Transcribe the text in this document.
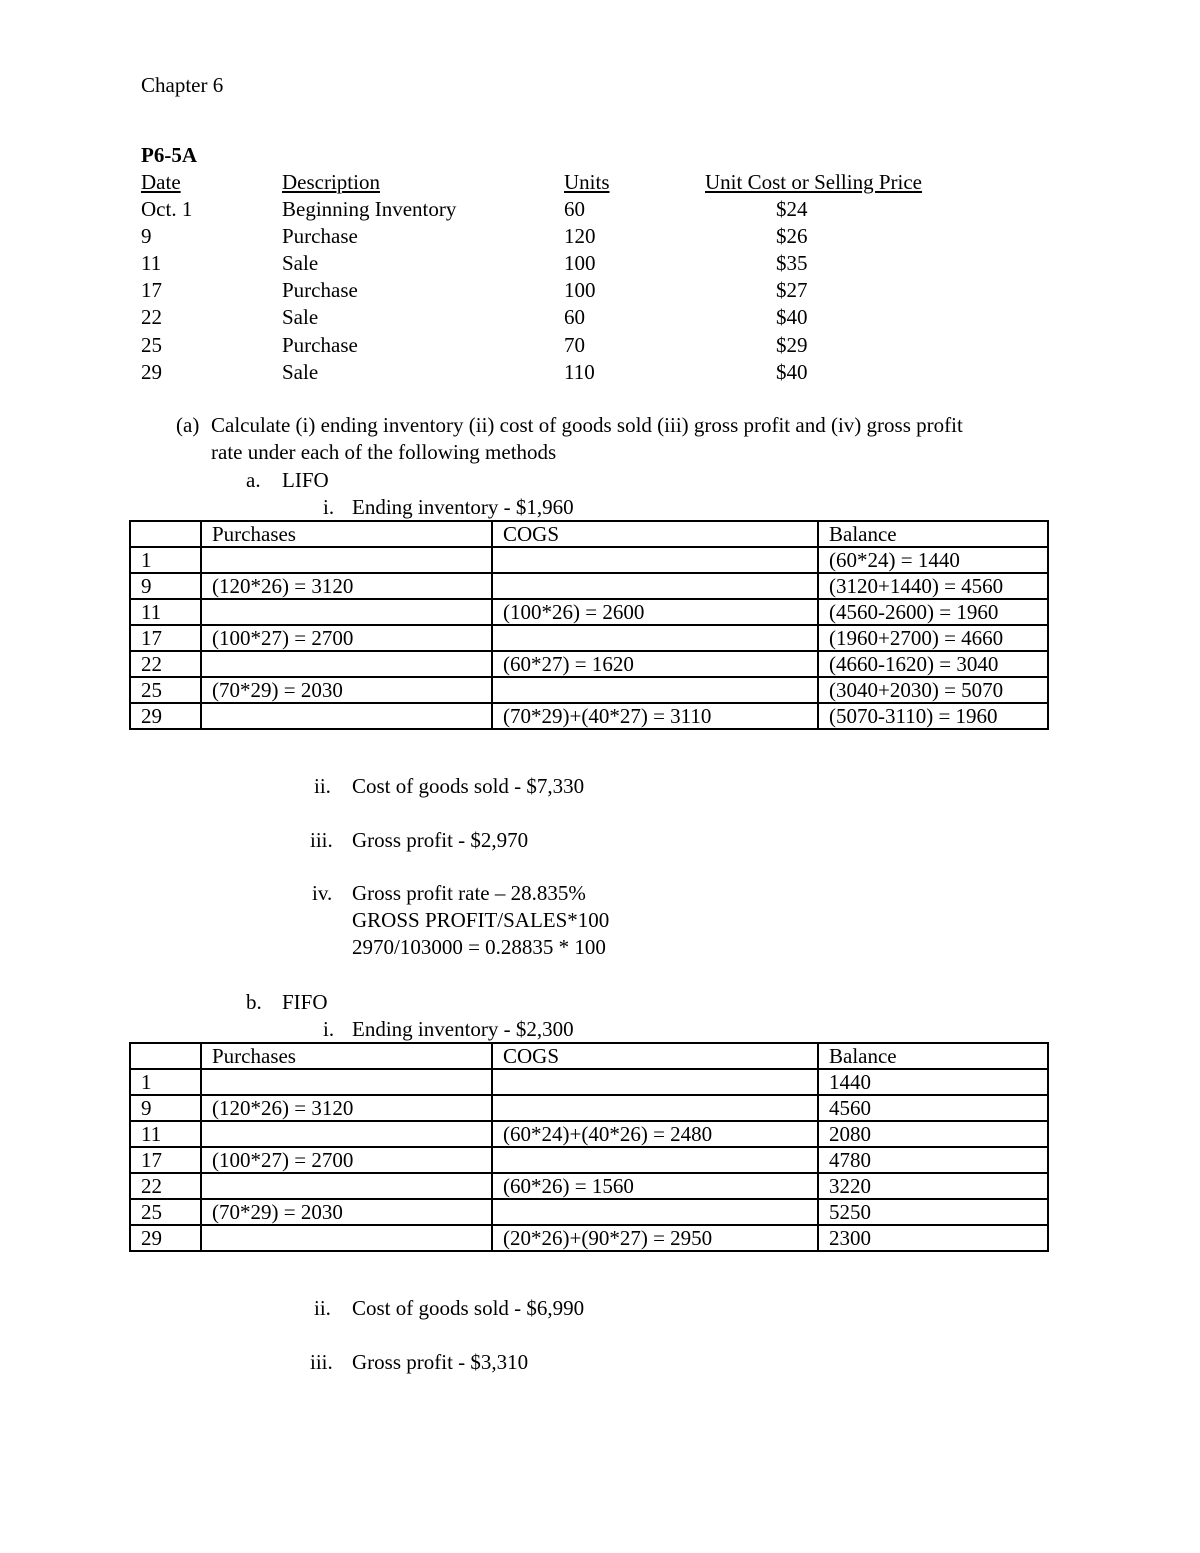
Chapter 6
P6-5A
Date	Description	Units	Unit Cost or Selling Price
Oct. 1	Beginning Inventory	60	$24
9	Purchase	120	$26
11	Sale	100	$35
17	Purchase	100	$27
22	Sale	60	$40
25	Purchase	70	$29
29	Sale	110	$40
(a) Calculate (i) ending inventory (ii) cost of goods sold (iii) gross profit and (iv) gross profit
rate under each of the following methods
a. LIFO
i. Ending inventory - $1,960
	Purchases	COGS	Balance
1			(60*24) = 1440
9	(120*26) = 3120		(3120+1440) = 4560
11		(100*26) = 2600	(4560-2600) = 1960
17	(100*27) = 2700		(1960+2700) = 4660
22		(60*27) = 1620	(4660-1620) = 3040
25	(70*29) = 2030		(3040+2030) = 5070
29		(70*29)+(40*27) = 3110	(5070-3110) = 1960
ii. Cost of goods sold - $7,330
iii. Gross profit - $2,970
iv. Gross profit rate – 28.835%
GROSS PROFIT/SALES*100
2970/103000 = 0.28835 * 100
b. FIFO
i. Ending inventory - $2,300
	Purchases	COGS	Balance
1			1440
9	(120*26) = 3120		4560
11		(60*24)+(40*26) = 2480	2080
17	(100*27) = 2700		4780
22		(60*26) = 1560	3220
25	(70*29) = 2030		5250
29		(20*26)+(90*27) = 2950	2300
ii. Cost of goods sold - $6,990
iii. Gross profit - $3,310
